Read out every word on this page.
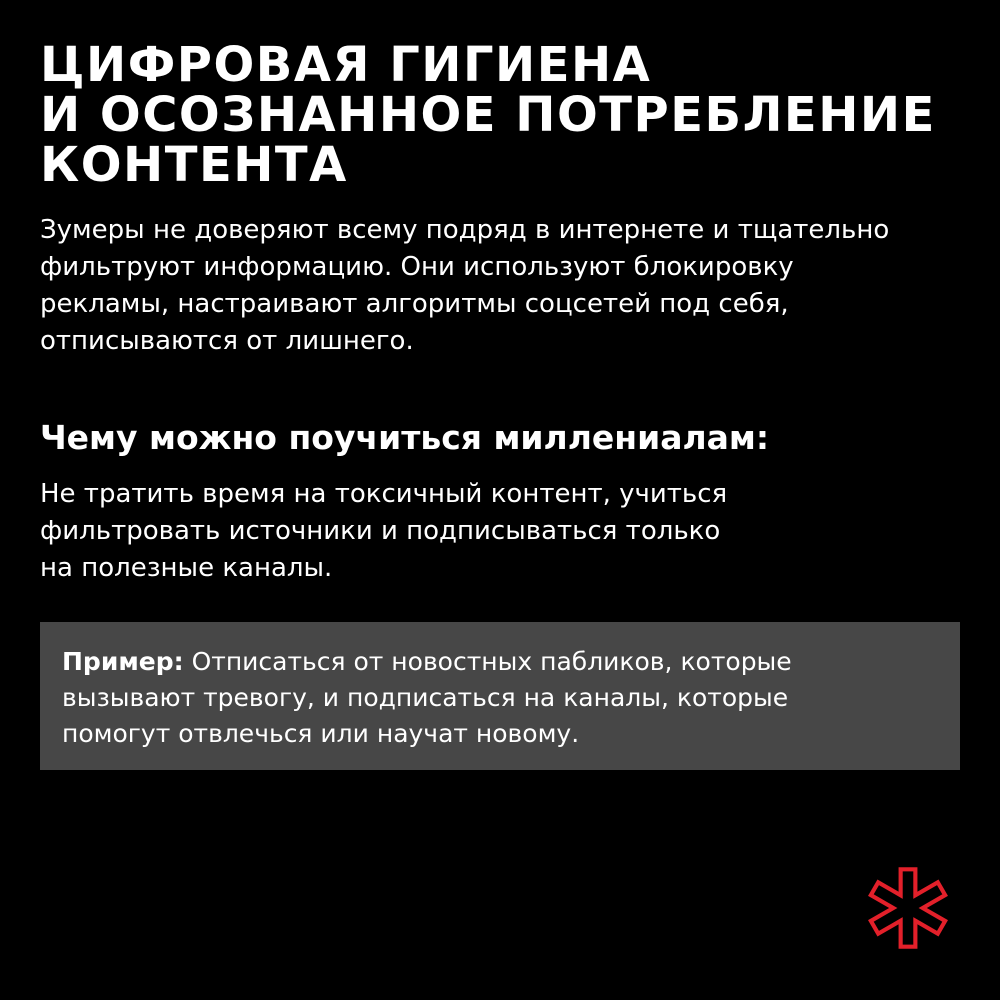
ЦИФРОВАЯ ГИГИЕНА
И ОСОЗНАННОЕ ПОТРЕБЛЕНИЕ
КОНТЕНТА
Зумеры не доверяют всему подряд в интернете и тщательно
фильтруют информацию. Они используют блокировку
рекламы, настраивают алгоритмы соцсетей под себя,
отписываются от лишнего.
Чему можно поучиться миллениалам:
Не тратить время на токсичный контент, учиться
фильтровать источники и подписываться только
на полезные каналы.
Пример: Отписаться от новостных пабликов, которые
вызывают тревогу, и подписаться на каналы, которые
помогут отвлечься или научат новому.
